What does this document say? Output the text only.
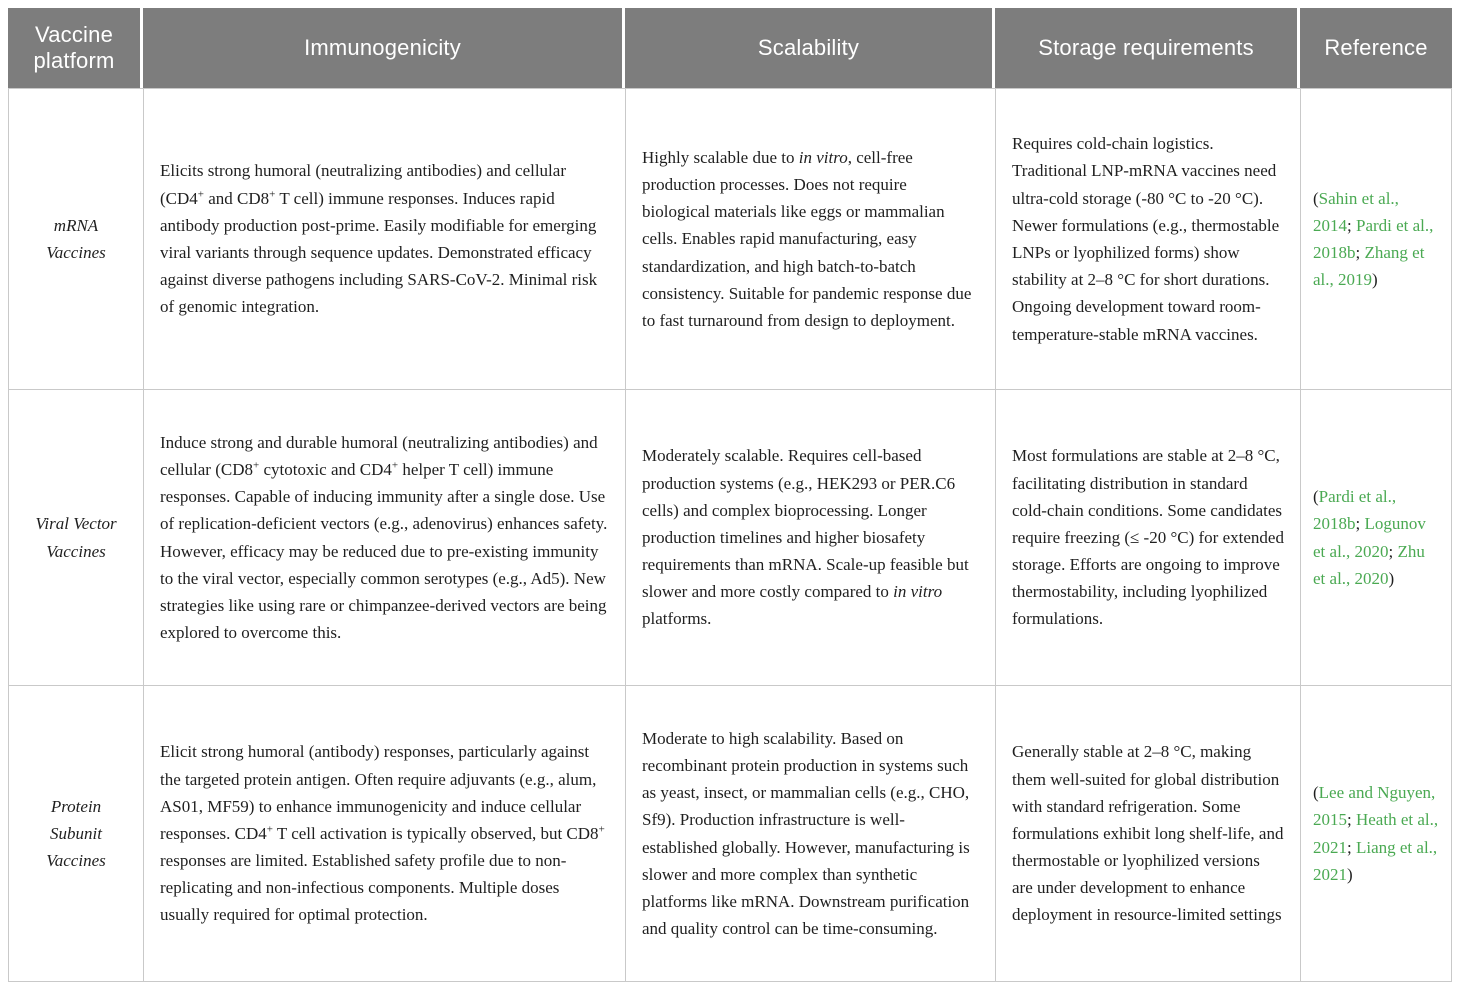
Vaccine platform	Immunogenicity	Scalability	Storage requirements	Reference
mRNA Vaccines	Elicits strong humoral (neutralizing antibodies) and cellular (CD4+ and CD8+ T cell) immune responses. Induces rapid antibody production post-prime. Easily modifiable for emerging viral variants through sequence updates. Demonstrated efficacy against diverse pathogens including SARS-CoV-2. Minimal risk of genomic integration.	Highly scalable due to in vitro, cell-free production processes. Does not require biological materials like eggs or mammalian cells. Enables rapid manufacturing, easy standardization, and high batch-to-batch consistency. Suitable for pandemic response due to fast turnaround from design to deployment.	Requires cold-chain logistics. Traditional LNP-mRNA vaccines need ultra-cold storage (-80 °C to -20 °C). Newer formulations (e.g., thermostable LNPs or lyophilized forms) show stability at 2–8 °C for short durations. Ongoing development toward room-temperature-stable mRNA vaccines.	(Sahin et al., 2014; Pardi et al., 2018b; Zhang et al., 2019)
Viral Vector Vaccines	Induce strong and durable humoral (neutralizing antibodies) and cellular (CD8+ cytotoxic and CD4+ helper T cell) immune responses. Capable of inducing immunity after a single dose. Use of replication-deficient vectors (e.g., adenovirus) enhances safety. However, efficacy may be reduced due to pre-existing immunity to the viral vector, especially common serotypes (e.g., Ad5). New strategies like using rare or chimpanzee-derived vectors are being explored to overcome this.	Moderately scalable. Requires cell-based production systems (e.g., HEK293 or PER.C6 cells) and complex bioprocessing. Longer production timelines and higher biosafety requirements than mRNA. Scale-up feasible but slower and more costly compared to in vitro platforms.	Most formulations are stable at 2–8 °C, facilitating distribution in standard cold-chain conditions. Some candidates require freezing (≤ -20 °C) for extended storage. Efforts are ongoing to improve thermostability, including lyophilized formulations.	(Pardi et al., 2018b; Logunov et al., 2020; Zhu et al., 2020)
Protein Subunit Vaccines	Elicit strong humoral (antibody) responses, particularly against the targeted protein antigen. Often require adjuvants (e.g., alum, AS01, MF59) to enhance immunogenicity and induce cellular responses. CD4+ T cell activation is typically observed, but CD8+ responses are limited. Established safety profile due to non-replicating and non-infectious components. Multiple doses usually required for optimal protection.	Moderate to high scalability. Based on recombinant protein production in systems such as yeast, insect, or mammalian cells (e.g., CHO, Sf9). Production infrastructure is well-established globally. However, manufacturing is slower and more complex than synthetic platforms like mRNA. Downstream purification and quality control can be time-consuming.	Generally stable at 2–8 °C, making them well-suited for global distribution with standard refrigeration. Some formulations exhibit long shelf-life, and thermostable or lyophilized versions are under development to enhance deployment in resource-limited settings	(Lee and Nguyen, 2015; Heath et al., 2021; Liang et al., 2021)
